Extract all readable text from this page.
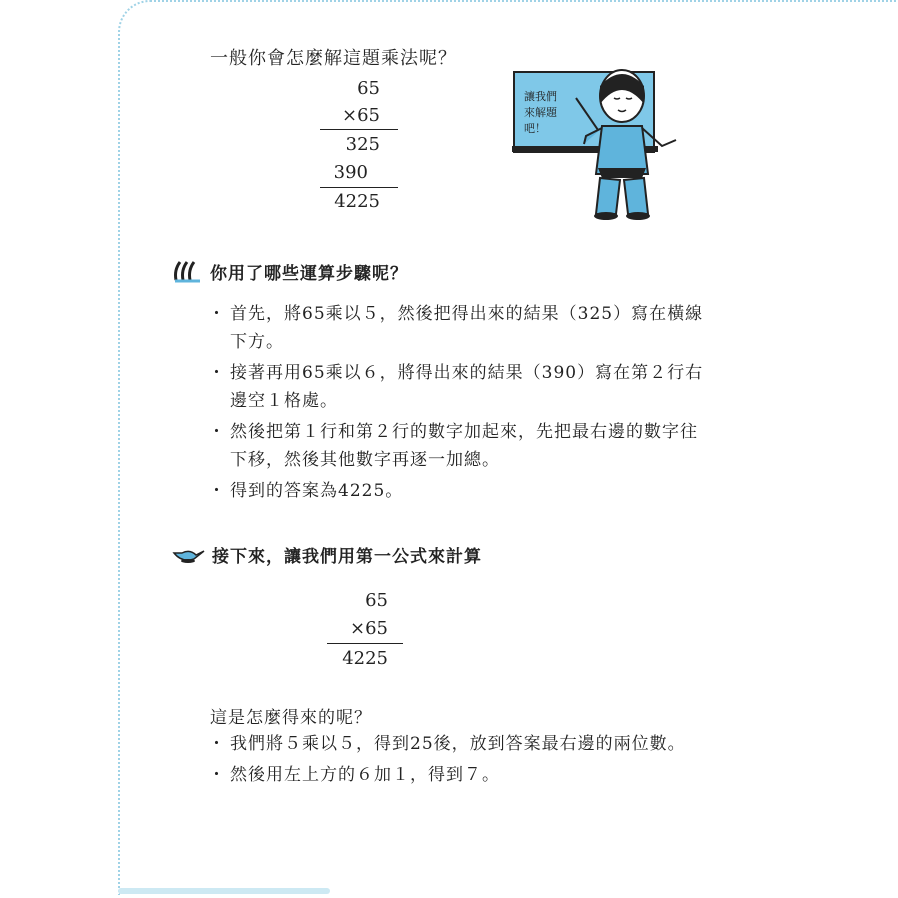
一般你會怎麼解這題乘法呢？
65
×65
325
390
4225
讓我們
來解題
吧！
你用了哪些運算步驟呢？
・ 首先，將65乘以５，然後把得出來的結果（325）寫在橫線下方。
・ 接著再用65乘以６，將得出來的結果（390）寫在第２行右邊空１格處。
・ 然後把第１行和第２行的數字加起來，先把最右邊的數字往下移，然後其他數字再逐一加總。
・ 得到的答案為4225。
接下來，讓我們用第一公式來計算
65
×65
4225
這是怎麼得來的呢？
・ 我們將５乘以５，得到25後，放到答案最右邊的兩位數。
・ 然後用左上方的６加１，得到７。
